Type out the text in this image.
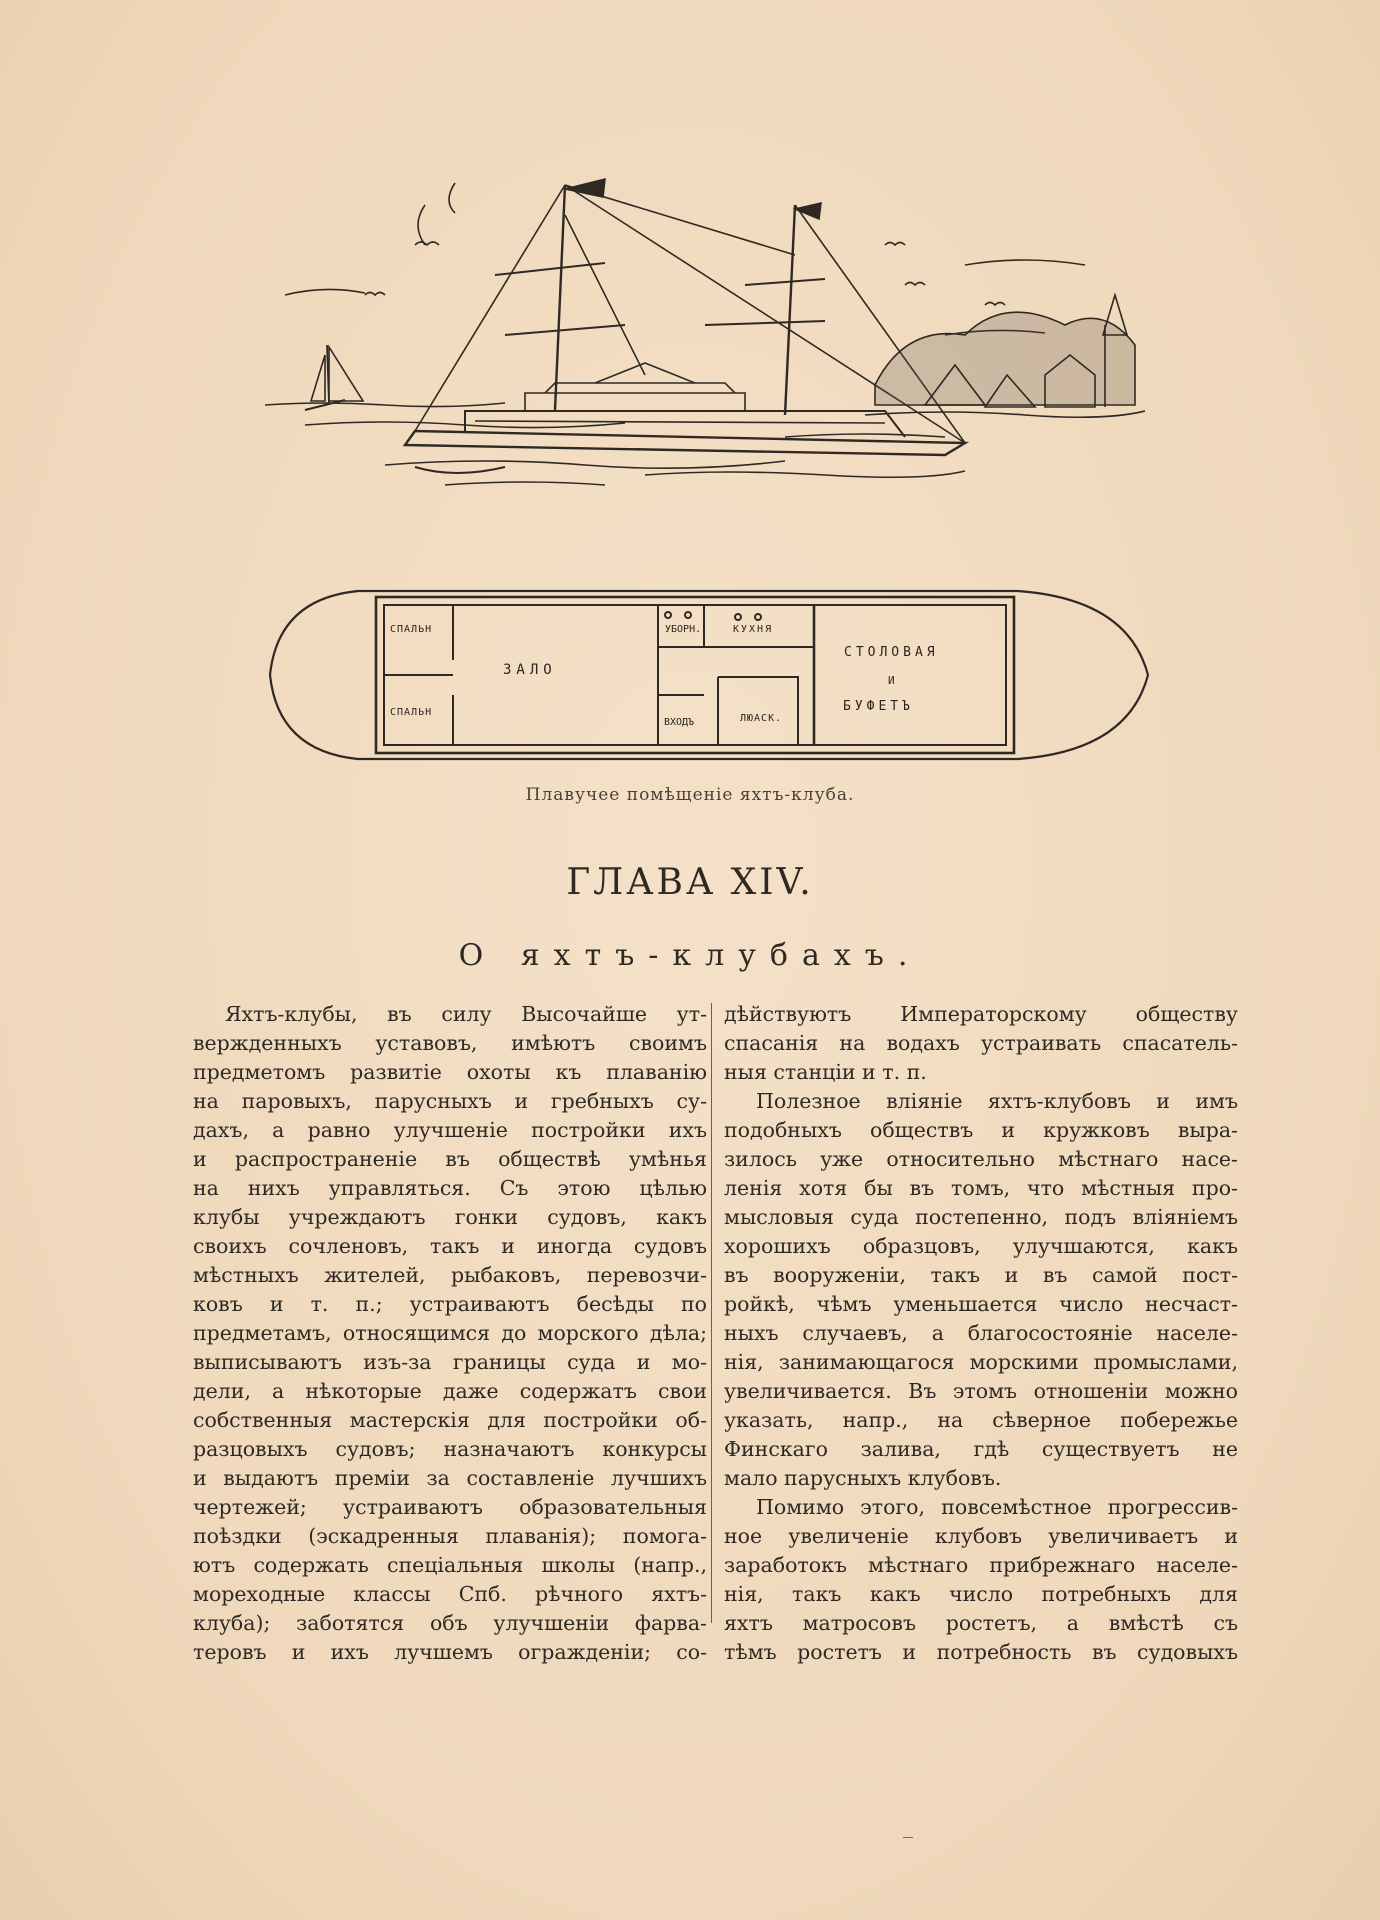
СПАЛЬН
СПАЛЬН
ЗАЛО
УБОРН.	КУХНЯ
СТОЛОВАЯ
И
БУФЕТЪ
ВХОДЪ	ЛЮАСК.
Плавучее помѣщеніе яхтъ-клуба.
ГЛАВА XIV.
О яхтъ-клубахъ.
Яхтъ-клубы, въ силу Высочайше ут-
вержденныхъ уставовъ, имѣютъ своимъ
предметомъ развитіе охоты къ плаванію
на паровыхъ, парусныхъ и гребныхъ су-
дахъ, а равно улучшеніе постройки ихъ
и распространеніе въ обществѣ умѣнья
на нихъ управляться. Съ этою цѣлью
клубы учреждаютъ гонки судовъ, какъ
своихъ сочленовъ, такъ и иногда судовъ
мѣстныхъ жителей, рыбаковъ, перевозчи-
ковъ и т. п.; устраиваютъ бесѣды по
предметамъ, относящимся до морского дѣла;
выписываютъ изъ-за границы суда и мо-
дели, а нѣкоторые даже содержатъ свои
собственныя мастерскія для постройки об-
разцовыхъ судовъ; назначаютъ конкурсы
и выдаютъ преміи за составленіе лучшихъ
чертежей; устраиваютъ образовательныя
поѣздки (эскадренныя плаванія); помога-
ютъ содержать спеціальныя школы (напр.,
мореходные классы Спб. рѣчного яхтъ-
клуба); заботятся объ улучшеніи фарва-
теровъ и ихъ лучшемъ огражденіи; со-
дѣйствуютъ Императорскому обществу
спасанія на водахъ устраивать спасатель-
ныя станціи и т. п.
Полезное вліяніе яхтъ-клубовъ и имъ
подобныхъ обществъ и кружковъ выра-
зилось уже относительно мѣстнаго насе-
ленія хотя бы въ томъ, что мѣстныя про-
мысловыя суда постепенно, подъ вліяніемъ
хорошихъ образцовъ, улучшаются, какъ
въ вооруженіи, такъ и въ самой пост-
ройкѣ, чѣмъ уменьшается число несчаст-
ныхъ случаевъ, а благосостояніе населе-
нія, занимающагося морскими промыслами,
увеличивается. Въ этомъ отношеніи можно
указать, напр., на сѣверное побережье
Финскаго залива, гдѣ существуетъ не
мало парусныхъ клубовъ.
Помимо этого, повсемѣстное прогрессив-
ное увеличеніе клубовъ увеличиваетъ и
заработокъ мѣстнаго прибрежнаго населе-
нія, такъ какъ число потребныхъ для
яхтъ матросовъ ростетъ, а вмѣстѣ съ
тѣмъ ростетъ и потребность въ судовыхъ
